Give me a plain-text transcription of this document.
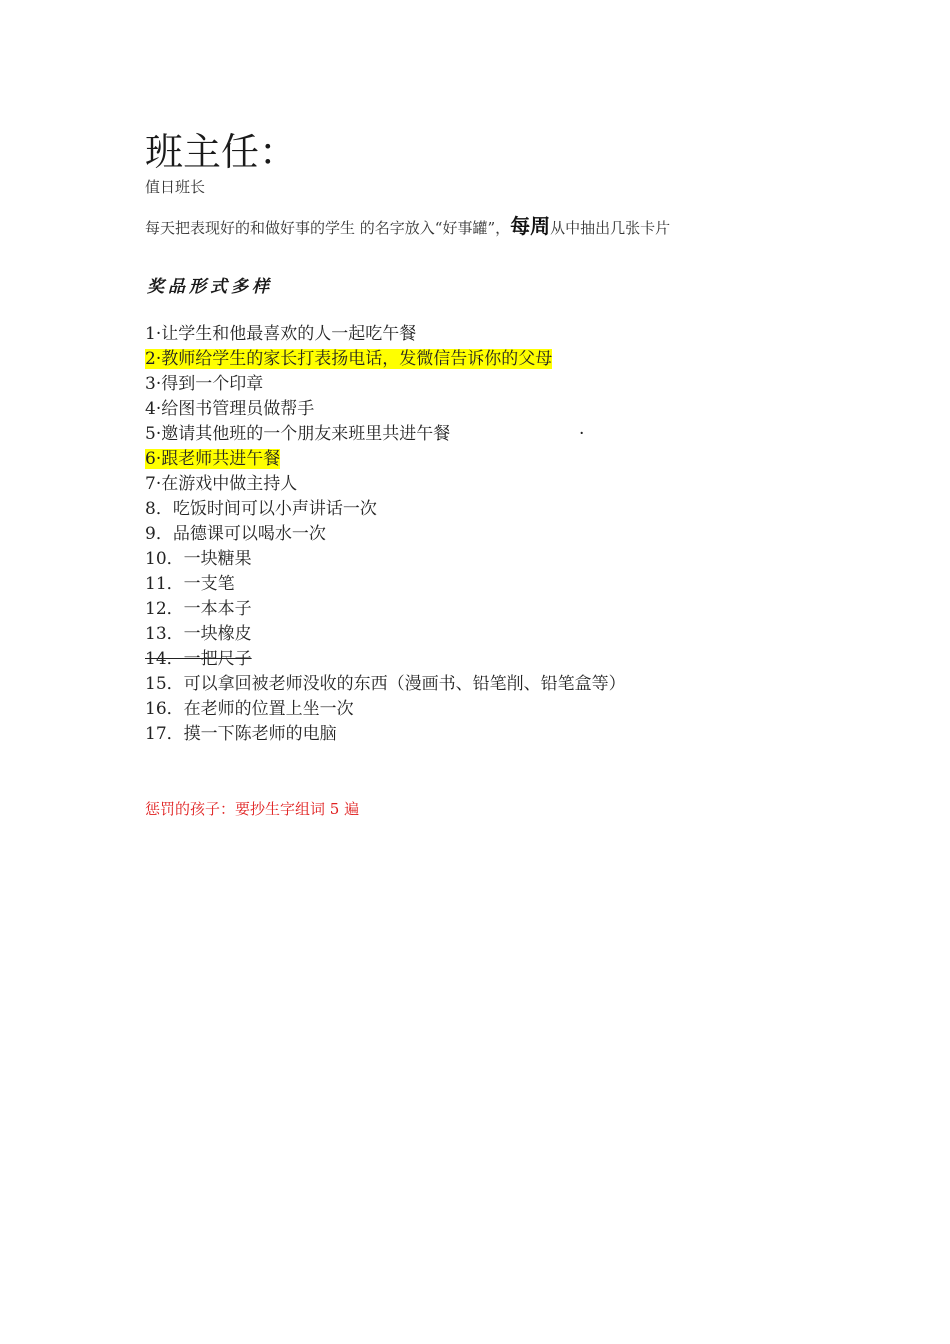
班主任：
值日班长
每天把表现好的和做好事的学生 的名字放入“好事罐”，每周从中抽出几张卡片
奖品形式多样
1·让学生和他最喜欢的人一起吃午餐
2·教师给学生的家长打表扬电话，发微信告诉你的父母
3·得到一个印章
4·给图书管理员做帮手
5·邀请其他班的一个朋友来班里共进午餐	·
6·跟老师共进午餐
7·在游戏中做主持人
8．吃饭时间可以小声讲话一次
9．品德课可以喝水一次
10．一块糖果
11．一支笔
12．一本本子
13．一块橡皮
14．一把尺子
15．可以拿回被老师没收的东西（漫画书、铅笔削、铅笔盒等）
16．在老师的位置上坐一次
17．摸一下陈老师的电脑
惩罚的孩子：要抄生字组词 5 遍
